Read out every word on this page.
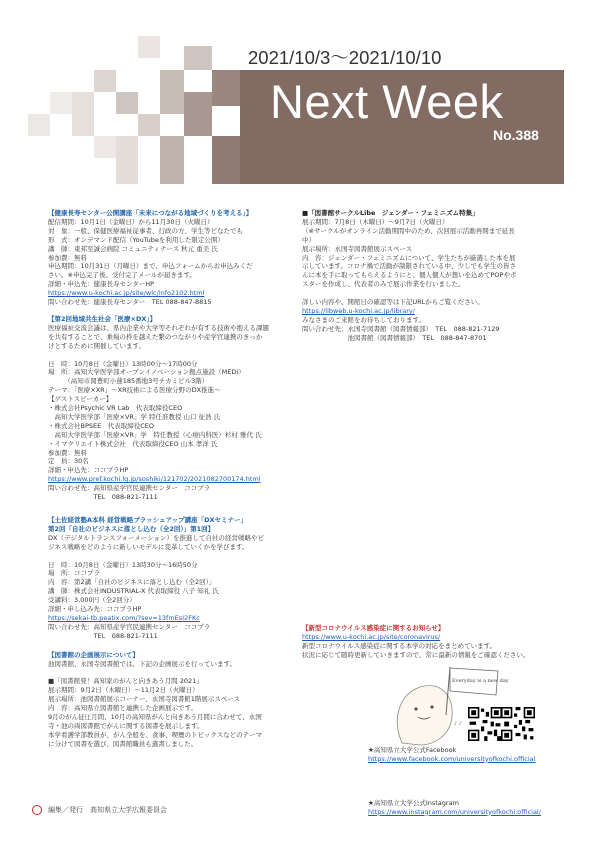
2021/10/3～2021/10/10
Next Week
No.388

【健康長寿センター公開講座「未来につながる地域づくりを考える」】

配信期間：10月1日（金曜日）から11月30日（火曜日）

対　象：一般、保健医療福祉従事者、行政の方、学生等どなたでも

形　式：オンデマンド配信（YouTubeを利用した限定公開）

講　師：東邦至誠会病院 コミュニティナース 秋元 重美 氏

参加費：無料

申込期間：10月31日（月曜日）まで、申込フォームからお申込みくだ

さい。※申込完了後、受付完了メールが届きます。

詳細・申込先：健康長寿センターHP

https://www.u-kochi.ac.jp/site/wlc/info2102.html

問い合わせ先：健康長寿センター　TEL 088-847-8815

【第2回地域共生社会「医療×DX」】

医療福祉交流会議は、県内企業や大学等それぞれが有する技術や抱える課題

を共有することで、乗場の枠を越えた繋のつながりや産学官連携のきっか

けとするために開催しています。

日　時：10月8日（金曜日）13時00分～17時00分

場　所：高知大学医学部オープンイノベーション拠点施設（MEDi）

　　　（高知市岡豊町小蓮185番地3号チカミビル3階）

テーマ：「医療×XR」～XR技術による医療分野のDX推進～

【ゲストスピーカー】

・株式会社Psychic VR Lab　代表取締役CEO

　高知大学医学部「医療×VR」学 特任准教授 山口 征浩 氏

・株式会社BPSEE　代表取締役CEO

　高知大学医学部「医療×VR」学　特任教授（心療内科医）杉村 雅代 氏

・イマクリエイト株式会社　代表取締役CEO 山本 孝洋 氏

参加費：無料

定　員：30名

詳細・申込先：ココプラHP

https://www.pref.kochi.lg.jp/soshiki/121702/2021082700174.html

問い合わせ先：高知県産学官民連携センター　ココプラ

　　　　　　　TEL　088-821-7111

【土佐経営塾A本科 経営戦略ブラッシュアップ講座「DXセミナー」

第2回「自社のビジネスに落とし込む（全2回）」第1回】

DX（デジタルトランスフォーメーション）を推進して自社の経営戦略やビ

ジネス戦略をどのように新しいモデルに変革していくかを学びます。

日　時：10月8日（金曜日）13時30分～16時50分

場　所：ココプラ

内　容：第2講「自社のビジネスに落とし込む（全2回）」

講　師：株式会社INDUSTRIAL-X 代表取締役 八子 知礼 氏

受講料：3,000円（全2回分）

詳細・申し込み先：ココプラHP

https://sekai-tb.peatix.com/?sev=13fmEsI2FKc

問い合わせ先：高知県産学官民連携センター　ココプラ

　　　　　　　TEL　088-821-7111

【図書館の企画展示について】

池図書館、永国寺図書館では、下記の企画展示を行っています。

■「図書館発！高知家のがんと向きあう月間 2021」

展示期間：9月2日（木曜日）～11月2日（火曜日）

展示場所：池図書館展示コーナー、永国寺図書館1階展示スペース

内　容：高知県立図書館と連携した企画展示です。

9月のがん征圧月間、10月の高知県がんと向きあう月間に合わせて、永国

寺・池の両図書館でがんに関する図書を展示します。

本学看護学部教員が、がん全般を、食事、喫煙のトピックスなどのテーマ

に分けて図書を選び、図書館職員も選書しました。

■「図書館サークルLibe　ジェンダー・フェミニズム特集」

展示期間：7月8日（木曜日）～9月7日（火曜日）

（※サークルがオンライン活動期間中のため、次回展示活動再開まで延長

中）

展示場所：永国寺図書館展示スペース

内　容：ジェンダー・フェミニズムについて、学生たちが厳選した本を展

示しています。コロナ禍で活動が制限されている中、少しでも学生の皆さ

んに本を手に取ってもらえるようにと、個人個人が想いを込めてPOPやポ

スターを作成し、代表者のみで展示作業を行いました。

詳しい内容や、開館日の確認等は下記URLからご覧ください。

https://libweb.u-kochi.ac.jp/library/

みなさまのご来館をお待ちしております。

問い合わせ先：永国寺図書館（図書情報部）　TEL　088-821-7129

　　　　　　　池図書館（図書情報部）　TEL　088-847-8701

【新型コロナウイルス感染症に関するお知らせ】

https://www.u-kochi.ac.jp/site/coronavirus/

新型コロナウイルス感染症に関する本学の対応をまとめています。

状況に応じて随時更新していきますので、常に最新の情報をご確認ください。

Everyday is a new day
♪ ♪

★高知県立大学公式Facebook

https://www.facebook.com/universityofkochi.official

★高知県立大学公式Instagram

https://www.instagram.com/universityofkochi.official/

編集／発行　高知県立大学広報委員会
